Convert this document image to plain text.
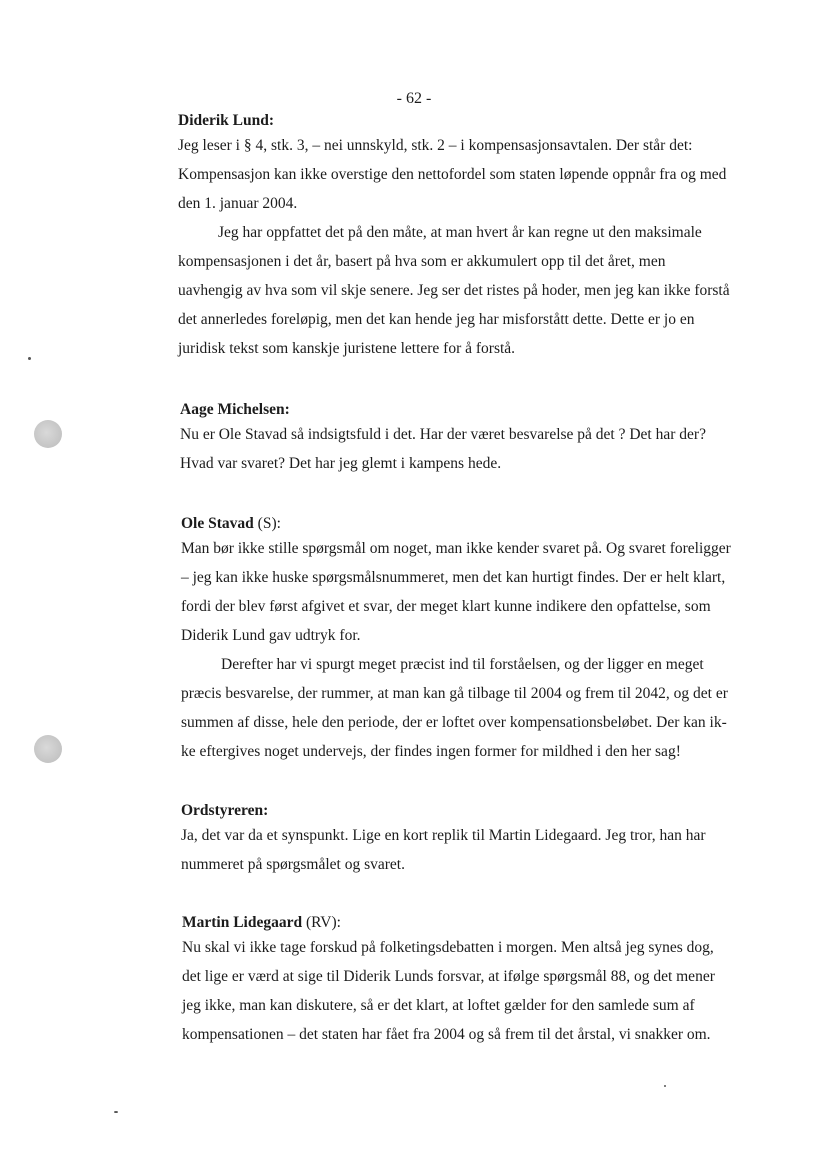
- 62 -

Diderik Lund:

Jeg leser i § 4, stk. 3, – nei unnskyld, stk. 2 – i kompensasjonsavtalen. Der står det:

Kompensasjon kan ikke overstige den nettofordel som staten løpende oppnår fra og med

den 1. januar 2004.

Jeg har oppfattet det på den måte, at man hvert år kan regne ut den maksimale

kompensasjonen i det år, basert på hva som er akkumulert opp til det året, men

uavhengig av hva som vil skje senere. Jeg ser det ristes på hoder, men jeg kan ikke forstå

det annerledes foreløpig, men det kan hende jeg har misforstått dette. Dette er jo en

juridisk tekst som kanskje juristene lettere for å forstå.

Aage Michelsen:

Nu er Ole Stavad så indsigtsfuld i det. Har der været besvarelse på det ? Det har der?

Hvad var svaret? Det har jeg glemt i kampens hede.

Ole Stavad (S):

Man bør ikke stille spørgsmål om noget, man ikke kender svaret på. Og svaret foreligger

– jeg kan ikke huske spørgsmålsnummeret, men det kan hurtigt findes. Der er helt klart,

fordi der blev først afgivet et svar, der meget klart kunne indikere den opfattelse, som

Diderik Lund gav udtryk for.

Derefter har vi spurgt meget præcist ind til forståelsen, og der ligger en meget

præcis besvarelse, der rummer, at man kan gå tilbage til 2004 og frem til 2042, og det er

summen af disse, hele den periode, der er loftet over kompensationsbeløbet. Der kan ik-

ke eftergives noget undervejs, der findes ingen former for mildhed i den her sag!

Ordstyreren:

Ja, det var da et synspunkt. Lige en kort replik til Martin Lidegaard. Jeg tror, han har

nummeret på spørgsmålet og svaret.

Martin Lidegaard (RV):

Nu skal vi ikke tage forskud på folketingsdebatten i morgen. Men altså jeg synes dog,

det lige er værd at sige til Diderik Lunds forsvar, at ifølge spørgsmål 88, og det mener

jeg ikke, man kan diskutere, så er det klart, at loftet gælder for den samlede sum af

kompensationen – det staten har fået fra 2004 og så frem til det årstal, vi snakker om.
